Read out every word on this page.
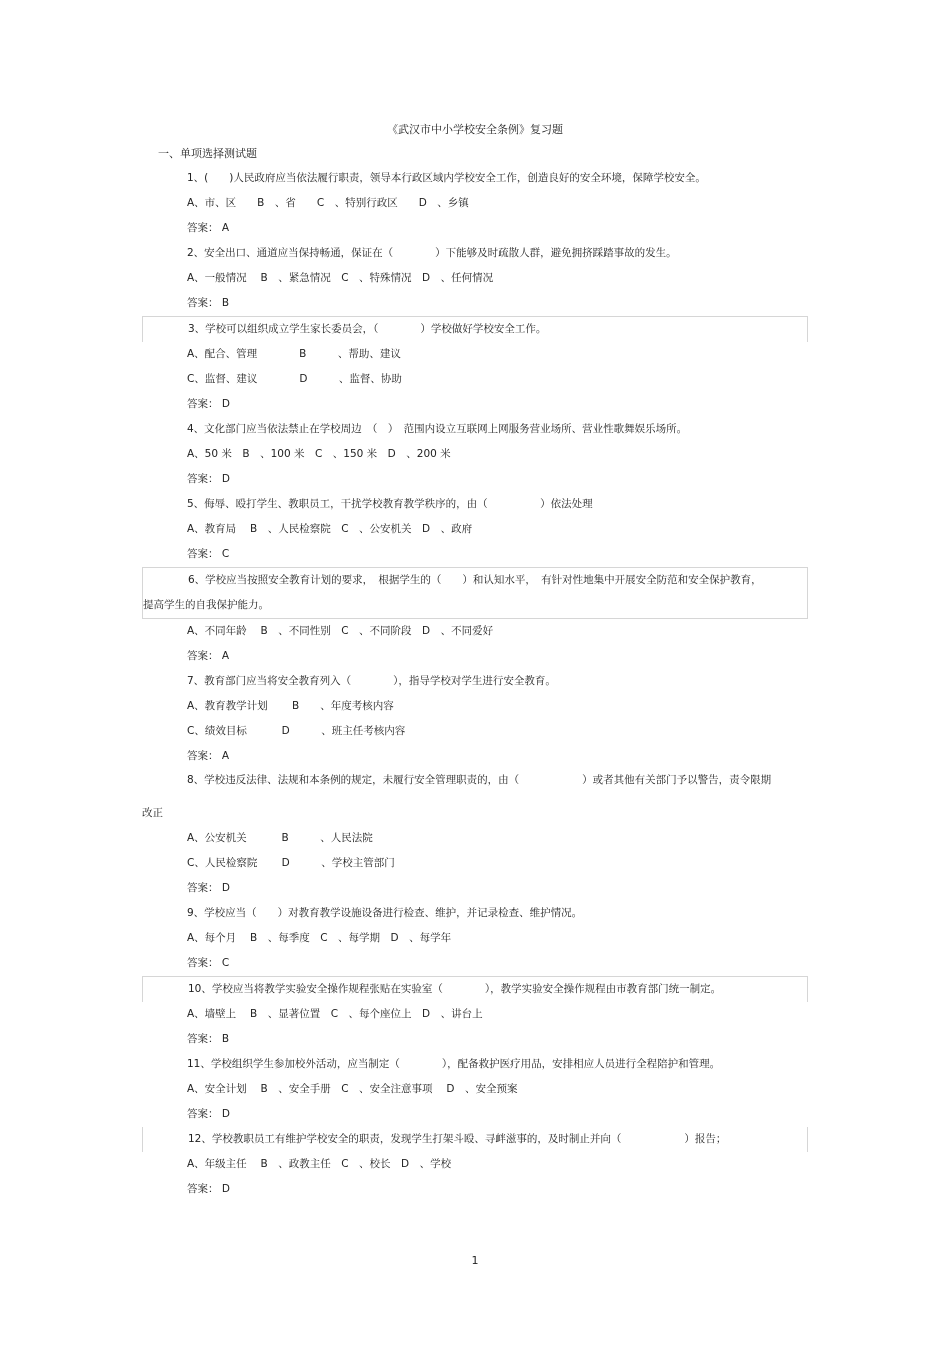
《武汉市中小学校安全条例》复习题
一、单项选择测试题
1、(　　)人民政府应当依法履行职责，领导本行政区域内学校安全工作，创造良好的安全环境，保障学校安全。
A、市、区　　B　、省　　C　、特别行政区　　D　、乡镇
答案： A
2、安全出口、通道应当保持畅通，保证在（　　　　）下能够及时疏散人群，避免拥挤踩踏事故的发生。
A、一般情况　 B　、紧急情况　C　、特殊情况　D　、任何情况
答案： B
3、学校可以组织成立学生家长委员会，（　　　　）学校做好学校安全工作。
A、配合、管理　　　　B　　　、帮助、建议
C、监督、建议　　　　D　　　、监督、协助
答案： D
4、文化部门应当依法禁止在学校周边　（　）　范围内设立互联网上网服务营业场所、营业性歌舞娱乐场所。
A、50 米　B　、100 米　C　、150 米　D　、200 米
答案： D
5、侮辱、殴打学生、教职员工，干扰学校教育教学秩序的，由（　　　　　）依法处理
A、教育局　 B　、人民检察院　C　、公安机关　D　、政府
答案： C
6、学校应当按照安全教育计划的要求，　根据学生的（　　）和认知水平，　有针对性地集中开展安全防范和安全保护教育，
提高学生的自我保护能力。
A、不同年龄　 B　、不同性别　C　、不同阶段　D　、不同爱好
答案： A
7、教育部门应当将安全教育列入（　　　　），指导学校对学生进行安全教育。
A、教育教学计划　　 B　　、年度考核内容
C、绩效目标　　　 D　　　、班主任考核内容
答案： A
8、学校违反法律、法规和本条例的规定，未履行安全管理职责的，由（　　　　　　）或者其他有关部门予以警告，责令限期
改正
A、公安机关　　　 B　　　、人民法院
C、人民检察院　　 D　　　、学校主管部门
答案： D
9、学校应当（　　）对教育教学设施设备进行检查、维护，并记录检查、维护情况。
A、每个月　 B　、每季度　C　、每学期　D　、每学年
答案： C
10、学校应当将教学实验安全操作规程张贴在实验室（　　　　），教学实验安全操作规程由市教育部门统一制定。
A、墙壁上　 B　、显著位置　C　、每个座位上　D　、讲台上
答案： B
11、学校组织学生参加校外活动，应当制定（　　　　），配备救护医疗用品，安排相应人员进行全程陪护和管理。
A、安全计划　 B　、安全手册　C　、安全注意事项　 D　、安全预案
答案： D
12、学校教职员工有维护学校安全的职责，发现学生打架斗殴、寻衅滋事的，及时制止并向（　　　　　　）报告；
A、年级主任　 B　、政教主任　C　、校长　D　、学校
答案： D
1
